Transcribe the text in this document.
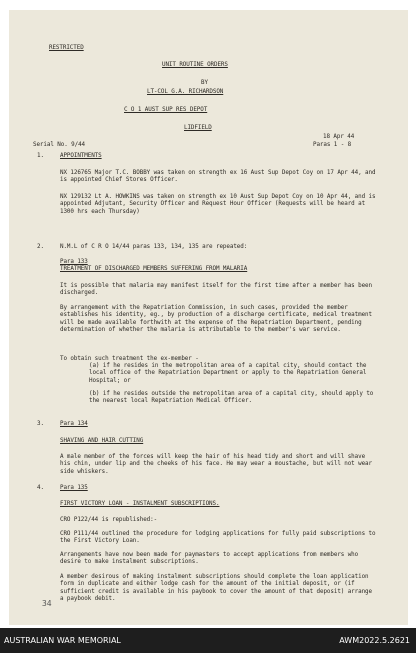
RESTRICTED
UNIT ROUTINE ORDERS
BY
LT-COL G.A. RICHARDSON
C O 1 AUST SUP RES DEPOT
LIDFIELD
18 Apr 44
Serial No. 9/44	Paras 1 - 8
1.	APPOINTMENTS
NX 126765 Major T.C. BOBBY was taken on strength ex 16 Aust Sup Depot Coy on 17 Apr 44, and is appointed Chief Stores Officer.
NX 129132 Lt A. HOWKINS was taken on strength ex 10 Aust Sup Depot Coy on 10 Apr 44, and is appointed Adjutant, Security Officer and Request Hour Officer (Requests will be heard at 1300 hrs each Thursday)
2.	N.M.L of C R O 14/44 paras 133, 134, 135 are repeated:
Para 133
TREATMENT OF DISCHARGED MEMBERS SUFFERING FROM MALARIA
It is possible that malaria may manifest itself for the first time after a member has been discharged.
By arrangement with the Repatriation Commission, in such cases, provided the member establishes his identity, eg., by production of a discharge certificate, medical treatment will be made available forthwith at the expense of the Repatriation Department, pending determination of whether the malaria is attributable to the member's war service.
To obtain such treatment the ex-member -
(a) if he resides in the metropolitan area of a capital city, should contact the local office of the Repatriation Department or apply to the Repatriation General Hospital; or
(b) if he resides outside the metropolitan area of a capital city, should apply to the nearest local Repatriation Medical Officer.
3.	Para 134
SHAVING AND HAIR CUTTING
A male member of the forces will keep the hair of his head tidy and short and will shave his chin, under lip and the cheeks of his face. He may wear a moustache, but will not wear side whiskers.
4.	Para 135
FIRST VICTORY LOAN - INSTALMENT SUBSCRIPTIONS.
CRO P122/44 is republished:-
CRO P111/44 outlined the procedure for lodging applications for fully paid subscriptions to the First Victory Loan.
Arrangements have now been made for paymasters to accept applications from members who desire to make instalment subscriptions.
A member desirous of making instalment subscriptions should complete the loan application form in duplicate and either lodge cash for the amount of the initial deposit, or (if sufficient credit is available in his paybook to cover the amount of that deposit) arrange a paybook debit.
34
AUSTRALIAN WAR MEMORIAL	AWM2022.5.2621
